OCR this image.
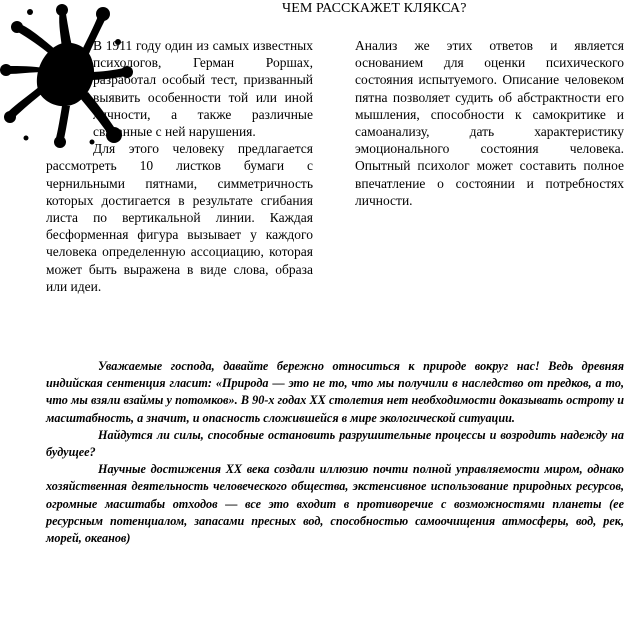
ЧЕМ РАССКАЖЕТ КЛЯКСА?

В 1911 году один из самых известных психологов, Герман Роршах, разработал особый тест, призванный выявить особенности той или иной личности, а также различные связанные с ней нарушения.

Для этого человеку предлагается рассмотреть 10 листков бумаги с чернильными пятнами, симметричность которых достигается в результате сгибания листа по вертикальной линии. Каждая бесформенная фигура вызывает у каждого человека определенную ассоциацию, которая может быть выражена в виде слова, образа или идеи.

Анализ же этих ответов и является основанием для оценки психического состояния испытуемого. Описание человеком пятна позволяет судить об абстрактности его мышления, способности к самокритике и самоанализу, дать характеристику эмоционального состояния человека. Опытный психолог может составить полное впечатление о состоянии и потребностях личности.

Уважаемые господа, давайте бережно относиться к природе вокруг нас! Ведь древняя индийская сентенция гласит: «Природа — это не то, что мы получили в наследство от предков, а то, что мы взяли взаймы у потомков». В 90-х годах XX столетия нет необходимости доказывать остроту и масштабность, а значит, и опасность сложившейся в мире экологической ситуации.

Найдутся ли силы, способные остановить разрушительные процессы и возродить надежду на будущее?

Научные достижения XX века создали иллюзию почти полной управляемости миром, однако хозяйственная деятельность человеческого общества, экстенсивное использование природных ресурсов, огромные масштабы отходов — все это входит в противоречие с возможностями планеты (ее ресурсным потенциалом, запасами пресных вод, способностью самоочищения атмосферы, вод, рек, морей, океанов)
